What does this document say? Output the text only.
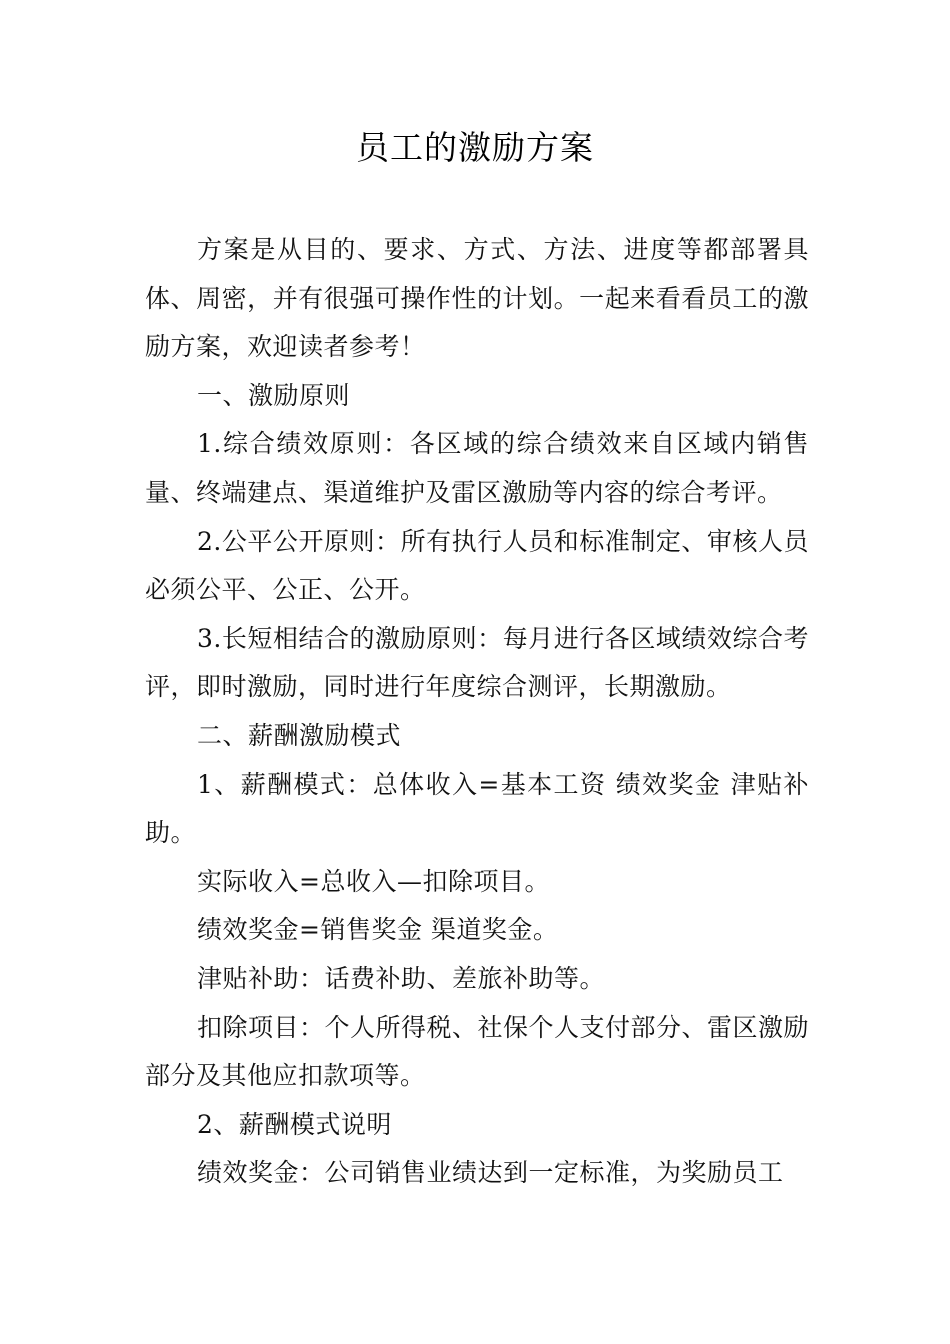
员工的激励方案

方案是从目的、要求、方式、方法、进度等都部署具体、周密，并有很强可操作性的计划。一起来看看员工的激励方案，欢迎读者参考！

一、激励原则

1.综合绩效原则：各区域的综合绩效来自区域内销售量、终端建点、渠道维护及雷区激励等内容的综合考评。

2.公平公开原则：所有执行人员和标准制定、审核人员必须公平、公正、公开。

3.长短相结合的激励原则：每月进行各区域绩效综合考评，即时激励，同时进行年度综合测评，长期激励。

二、薪酬激励模式

1、薪酬模式：总体收入=基本工资 绩效奖金 津贴补助。

实际收入=总收入—扣除项目。

绩效奖金=销售奖金 渠道奖金。

津贴补助：话费补助、差旅补助等。

扣除项目：个人所得税、社保个人支付部分、雷区激励部分及其他应扣款项等。

2、薪酬模式说明

绩效奖金：公司销售业绩达到一定标准，为奖励员工
